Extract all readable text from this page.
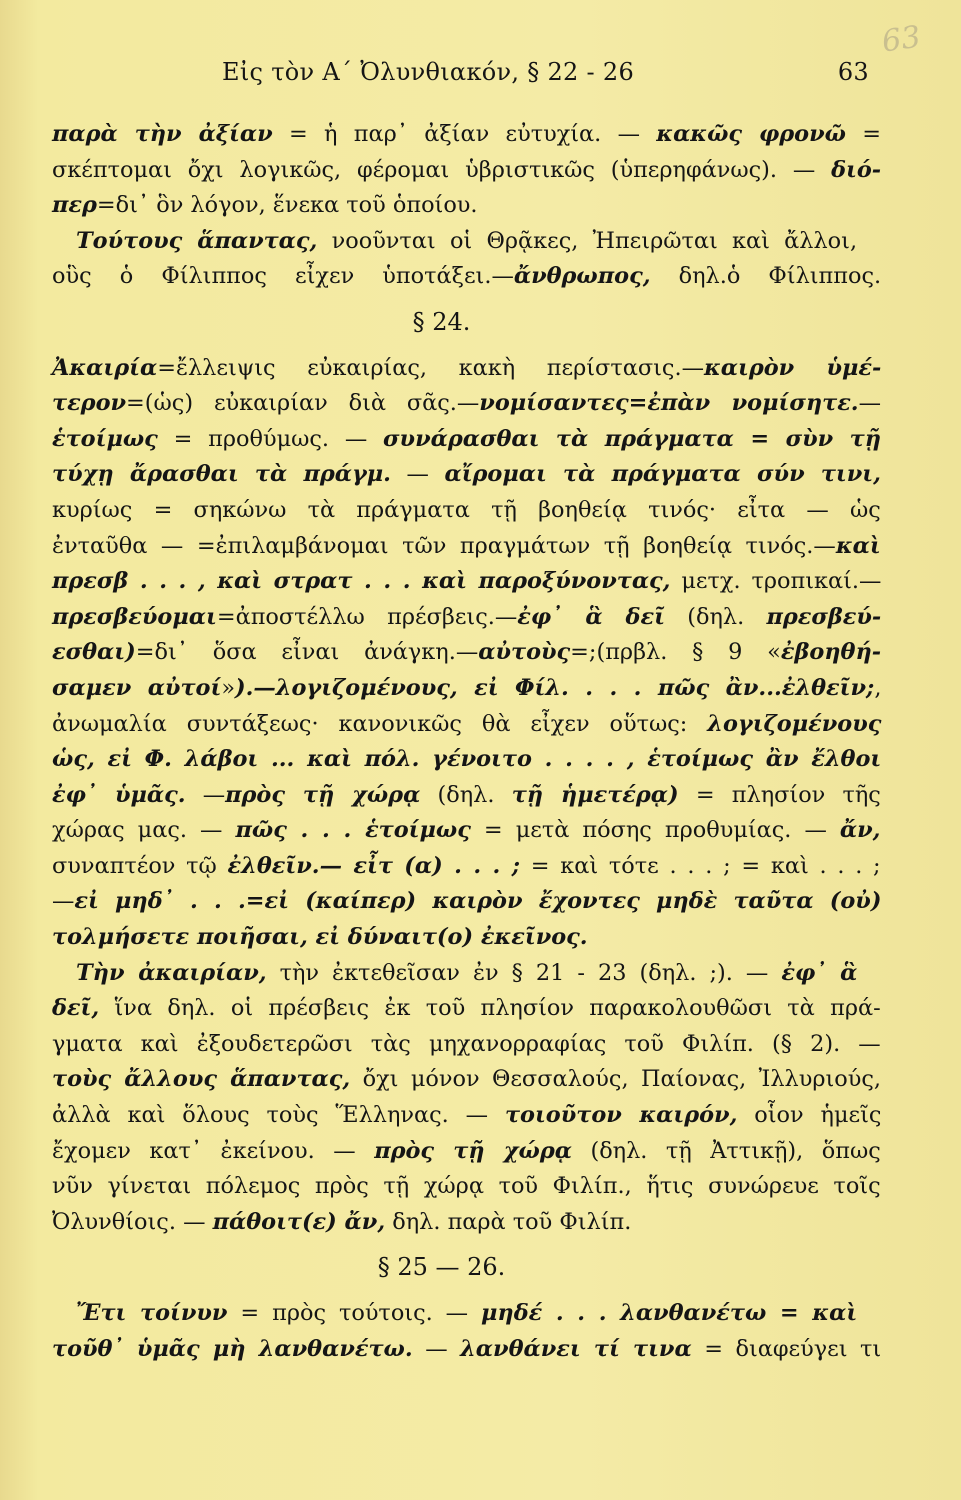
Εἰς τὸν Α΄ Ὀλυνθιακόν, § 22 - 26	63
63

παρὰ τὴν ἀξίαν = ἡ παρ᾽ ἀξίαν εὐτυχία. — κακῶς φρονῶ =

σκέπτομαι ὄχι λογικῶς, φέρομαι ὑβριστικῶς (ὑπερηφάνως). — διό-

περ=δι᾽ ὃν λόγον, ἕνεκα τοῦ ὁποίου.

Τούτους ἅπαντας, νοοῦνται οἱ Θρᾷκες, Ἠπειρῶται καὶ ἄλλοι,

οὓς ὁ Φίλιππος εἶχεν ὑποτάξει.—ἄνθρωπος, δηλ.ὁ Φίλιππος.

§ 24.

Ἀκαιρία=ἔλλειψις εὐκαιρίας, κακὴ περίστασις.—καιρὸν ὑμέ-

τερον=(ὡς) εὐκαιρίαν διὰ σᾶς.—νομίσαντες=ἐπὰν νομίσητε.—

ἑτοίμως = προθύμως. — συνάρασθαι τὰ πράγματα = σὺν τῇ

τύχῃ ἄρασθαι τὰ πράγμ. — αἴρομαι τὰ πράγματα σύν τινι,

κυρίως = σηκώνω τὰ πράγματα τῇ βοηθείᾳ τινός· εἶτα — ὡς

ἐνταῦθα — =ἐπιλαμβάνομαι τῶν πραγμάτων τῇ βοηθείᾳ τινός.—καὶ

πρεσβ . . . , καὶ στρατ . . . καὶ παροξύνοντας, μετχ. τροπικαί.—

πρεσβεύομαι=ἀποστέλλω πρέσβεις.—ἐφ᾽ ἃ δεῖ (δηλ. πρεσβεύ-

εσθαι)=δι᾽ ὅσα εἶναι ἀνάγκη.—αὐτοὺς=;(πρβλ. § 9 «ἐβοηθή-

σαμεν αὐτοί»).—λογιζομένους, εἰ Φίλ. . . . πῶς ἂν...ἐλθεῖν;,

ἀνωμαλία συντάξεως· κανονικῶς θὰ εἶχεν οὕτως: λογιζομένους

ὡς, εἰ Φ. λάβοι ... καὶ πόλ. γένοιτο . . . . , ἑτοίμως ἂν ἔλθοι

ἐφ᾽ ὑμᾶς. —πρὸς τῇ χώρᾳ (δηλ. τῇ ἡμετέρᾳ) = πλησίον τῆς

χώρας μας. — πῶς . . . ἑτοίμως = μετὰ πόσης προθυμίας. — ἄν,

συναπτέον τῷ ἐλθεῖν.— εἶτ (α) . . . ; = καὶ τότε . . . ; = καὶ . . . ;

—εἰ μηδ᾽ . . .=εἰ (καίπερ) καιρὸν ἔχοντες μηδὲ ταῦτα (οὐ)

τολμήσετε ποιῆσαι, εἰ δύναιτ(ο) ἐκεῖνος.

Τὴν ἀκαιρίαν, τὴν ἐκτεθεῖσαν ἐν § 21 - 23 (δηλ. ;). — ἐφ᾽ ἃ

δεῖ, ἵνα δηλ. οἱ πρέσβεις ἐκ τοῦ πλησίον παρακολουθῶσι τὰ πρά-

γματα καὶ ἐξουδετερῶσι τὰς μηχανορραφίας τοῦ Φιλίπ. (§ 2). —

τοὺς ἄλλους ἅπαντας, ὄχι μόνον Θεσσαλούς, Παίονας, Ἰλλυριούς,

ἀλλὰ καὶ ὅλους τοὺς Ἕλληνας. — τοιοῦτον καιρόν, οἷον ἡμεῖς

ἔχομεν κατ᾽ ἐκείνου. — πρὸς τῇ χώρᾳ (δηλ. τῇ Ἀττικῇ), ὅπως

νῦν γίνεται πόλεμος πρὸς τῇ χώρᾳ τοῦ Φιλίπ., ἥτις συνώρευε τοῖς

Ὀλυνθίοις. — πάθοιτ(ε) ἄν, δηλ. παρὰ τοῦ Φιλίπ.

§ 25 — 26.

Ἔτι τοίνυν = πρὸς τούτοις. — μηδέ . . . λανθανέτω = καὶ

τοῦθ᾽ ὑμᾶς μὴ λανθανέτω. — λανθάνει τί τινα = διαφεύγει τι
